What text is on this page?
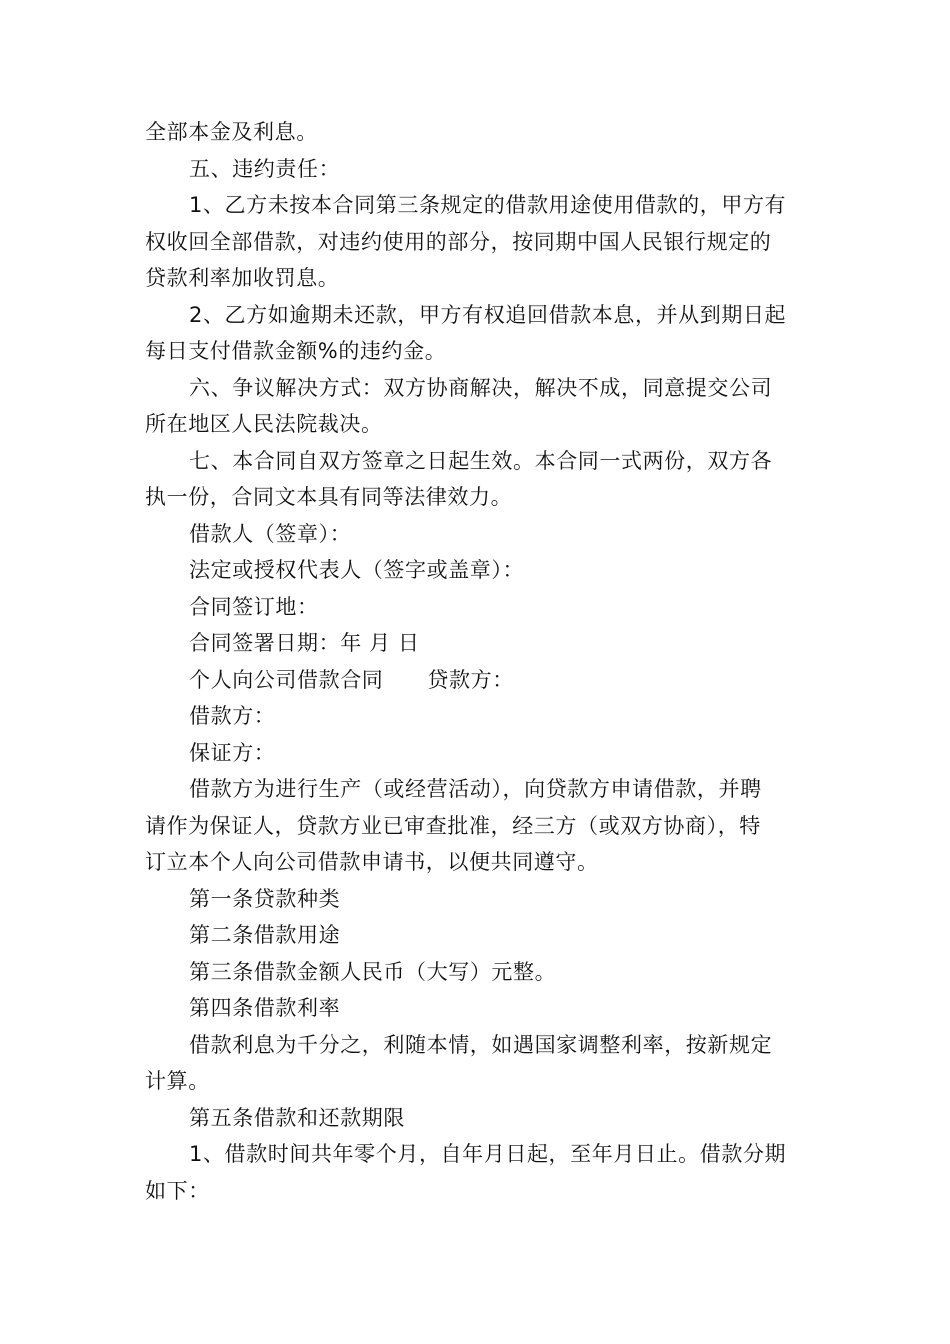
全部本金及利息。
五、违约责任：
1、乙方未按本合同第三条规定的借款用途使用借款的，甲方有
权收回全部借款，对违约使用的部分，按同期中国人民银行规定的
贷款利率加收罚息。
2、乙方如逾期未还款，甲方有权追回借款本息，并从到期日起
每日支付借款金额%的违约金。
六、争议解决方式：双方协商解决，解决不成，同意提交公司
所在地区人民法院裁决。
七、本合同自双方签章之日起生效。本合同一式两份，双方各
执一份，合同文本具有同等法律效力。
借款人（签章）：
法定或授权代表人（签字或盖章）：
合同签订地：
合同签署日期：年 月 日
个人向公司借款合同 贷款方：
借款方：
保证方：
借款方为进行生产（或经营活动），向贷款方申请借款，并聘
请作为保证人，贷款方业已审查批准，经三方（或双方协商），特
订立本个人向公司借款申请书，以便共同遵守。
第一条贷款种类
第二条借款用途
第三条借款金额人民币（大写）元整。
第四条借款利率
借款利息为千分之，利随本情，如遇国家调整利率，按新规定
计算。
第五条借款和还款期限
1、借款时间共年零个月，自年月日起，至年月日止。借款分期
如下：
